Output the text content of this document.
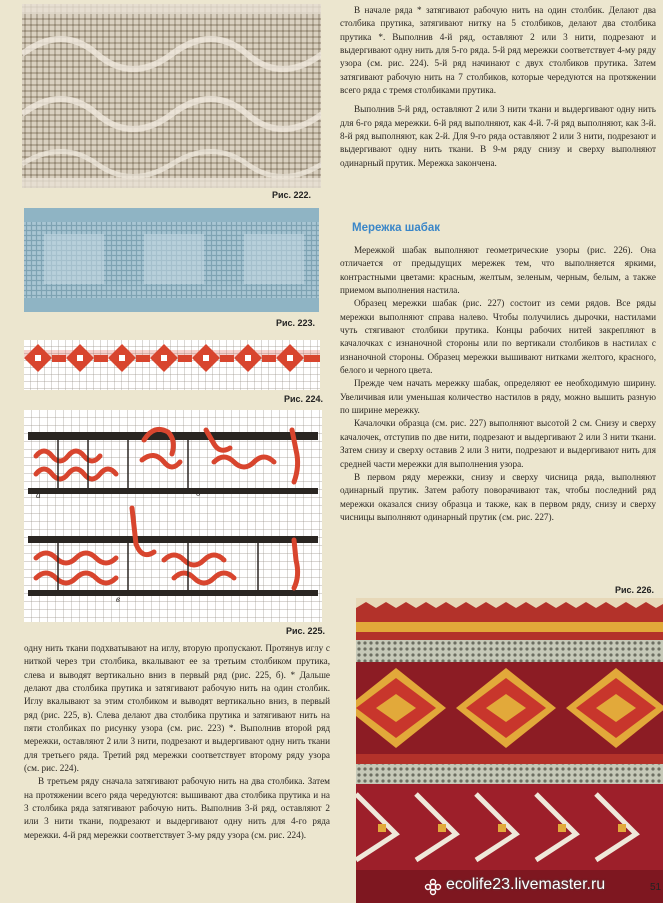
Рис. 222.
Рис. 223.
Рис. 224.
а	б
в
Рис. 225.

В начале ряда * затягивают рабочую нить на один столбик. Делают два столбика прутика, затягивают нитку на 5 столбиков, делают два столбика прутика *. Выполнив 4-й ряд, оставляют 2 или 3 нити, подрезают и выдергивают одну нить для 5-го ряда. 5-й ряд мережки соответствует 4-му ряду узора (см. рис. 224). 5-й ряд начинают с двух столбиков прутика. Затем затягивают рабочую нить на 7 столбиков, которые чередуются на протяжении всего ряда с тремя столбиками прутика.

Выполнив 5-й ряд, оставляют 2 или 3 нити ткани и выдергивают одну нить для 6-го ряда мережки. 6-й ряд выполняют, как 4-й. 7-й ряд выполняют, как 3-й. 8-й ряд выполняют, как 2-й. Для 9-го ряда оставляют 2 или 3 нити, подрезают и выдергивают одну нить ткани. В 9-м ряду снизу и сверху выполняют одинарный прутик. Мережка закончена.

Мережка шабак

Мережкой шабак выполняют геометрические узоры (рис. 226). Она отличается от предыдущих мережек тем, что выполняется яркими, контрастными цветами: красным, желтым, зеленым, черным, белым, а также приемом выполнения настила.

Образец мережки шабак (рис. 227) состоит из семи рядов. Все ряды мережки выполняют справа налево. Чтобы получились дырочки, настилами чуть стягивают столбики прутика. Концы рабочих нитей закрепляют в качалочках с изнаночной стороны или по вертикали столбиков в настилах с изнаночной стороны. Образец мережки вышивают нитками желтого, красного, белого и черного цвета.

Прежде чем начать мережку шабак, определяют ее необходимую ширину. Увеличивая или уменьшая количество настилов в ряду, можно вышить разную по ширине мережку.

Качалочки образца (см. рис. 227) выполняют высотой 2 см. Снизу и сверху качалочек, отступив по две нити, подрезают и выдергивают 2 или 3 нити ткани. Затем снизу и сверху оставив 2 или 3 нити, подрезают и выдергивают нить для средней части мережки для выполнения узора.

В первом ряду мережки, снизу и сверху чисница ряда, выполняют одинарный прутик. Затем работу поворачивают так, чтобы последний ряд мережки оказался снизу образца и также, как в первом ряду, снизу и сверху чисницы выполняют одинарный прутик (см. рис. 227).

Рис. 226.

одну нить ткани подхватывают на иглу, вторую пропускают. Протянув иглу с ниткой через три столбика, вкалывают ее за третьим столбиком прутика, слева и выводят вертикально вниз в первый ряд (рис. 225, б). * Дальше делают два столбика прутика и затягивают рабочую нить на один столбик. Иглу вкалывают за этим столбиком и выводят вертикально вниз, в первый ряд (рис. 225, в). Слева делают два столбика прутика и затягивают нить на пяти столбиках по рисунку узора (см. рис. 223) *. Выполнив второй ряд мережки, оставляют 2 или 3 нити, подрезают и выдергивают одну нить ткани для третьего ряда. Третий ряд мережки соответствует второму ряду узора (см. рис. 224).

В третьем ряду сначала затягивают рабочую нить на два столбика. Затем на протяжении всего ряда чередуются: вышивают два столбика прутика и на 3 столбика ряда затягивают рабочую нить. Выполнив 3-й ряд, оставляют 2 или 3 нити ткани, подрезают и выдергивают одну нить для 4-го ряда мережки. 4-й ряд мережки соответствует 3-му ряду узора (см. рис. 224).

ecolife23.livemaster.ru	51
